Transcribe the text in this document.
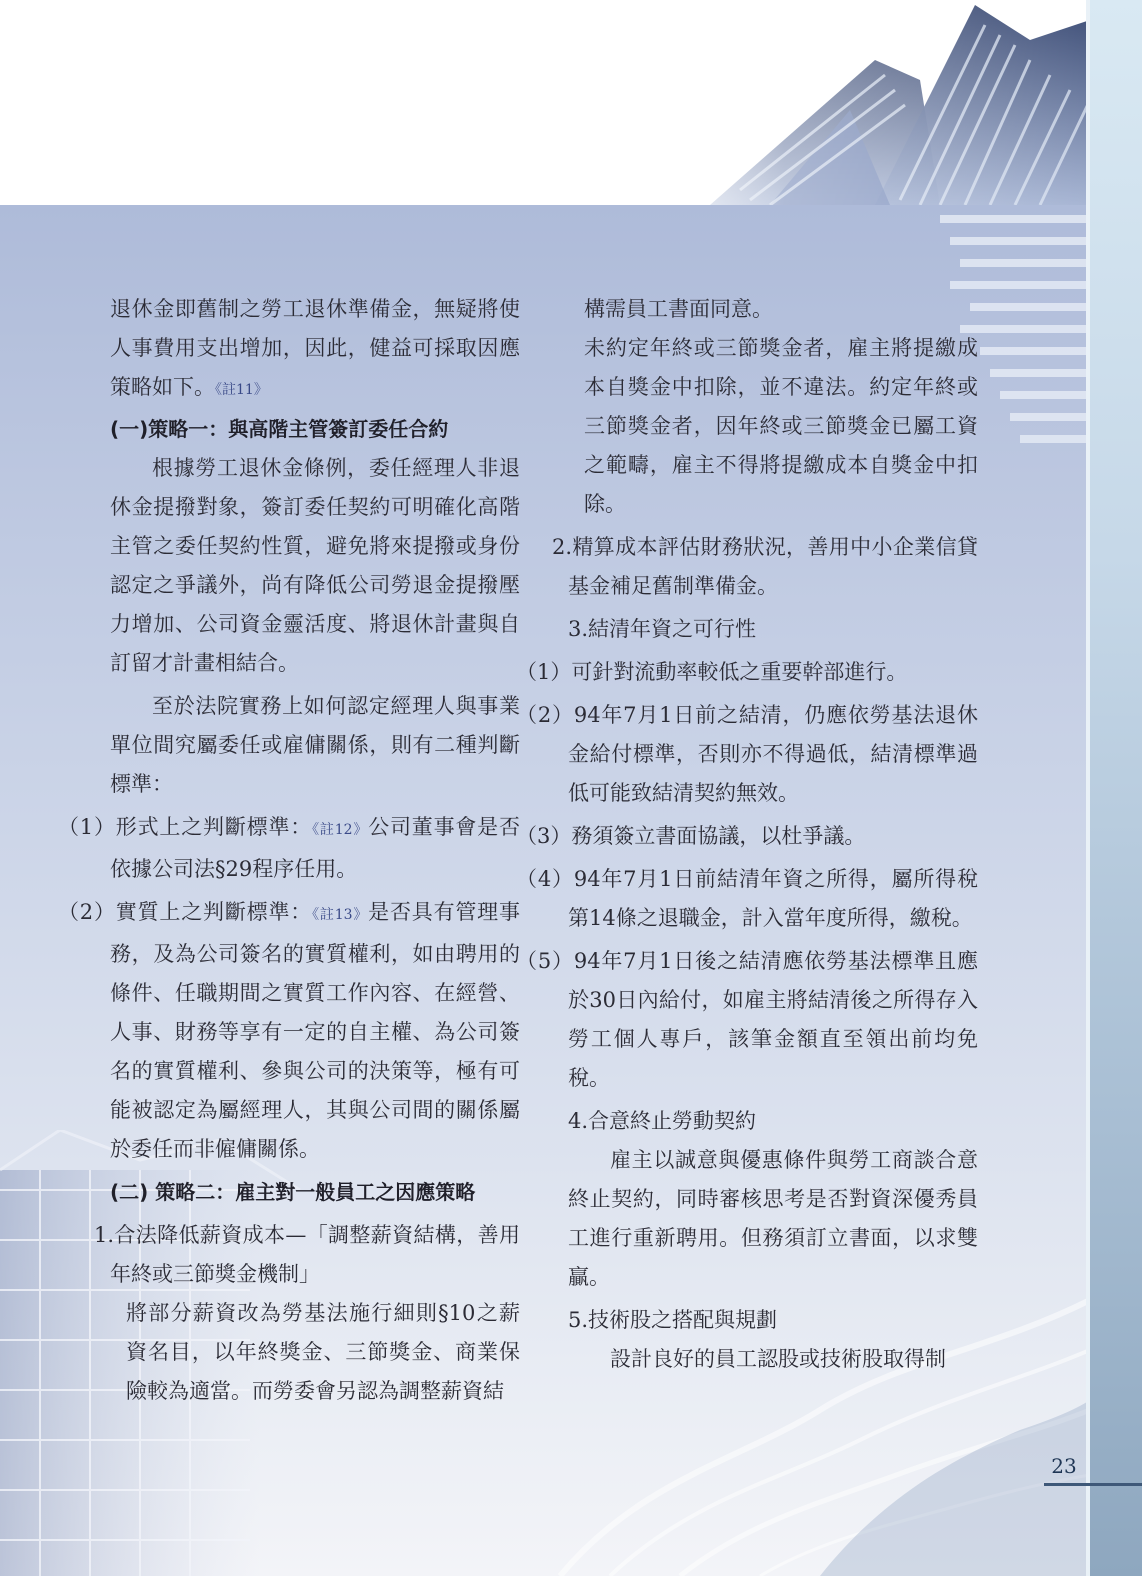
23

退休金即舊制之勞工退休準備金，無疑將使人事費用支出增加，因此，健益可採取因應策略如下。《註11》

(一)策略一：與高階主管簽訂委任合約

根據勞工退休金條例，委任經理人非退休金提撥對象，簽訂委任契約可明確化高階主管之委任契約性質，避免將來提撥或身份認定之爭議外，尚有降低公司勞退金提撥壓力增加、公司資金靈活度、將退休計畫與自訂留才計畫相結合。

至於法院實務上如何認定經理人與事業單位間究屬委任或雇傭關係，則有二種判斷標準：

（1）形式上之判斷標準：《註12》公司董事會是否依據公司法§29程序任用。

（2）實質上之判斷標準：《註13》是否具有管理事務，及為公司簽名的實質權利，如由聘用的條件、任職期間之實質工作內容、在經營、人事、財務等享有一定的自主權、為公司簽名的實質權利、參與公司的決策等，極有可能被認定為屬經理人，其與公司間的關係屬於委任而非僱傭關係。

(二) 策略二：雇主對一般員工之因應策略

1.合法降低薪資成本—「調整薪資結構，善用年終或三節獎金機制」

將部分薪資改為勞基法施行細則§10之薪資名目，以年終獎金、三節獎金、商業保險較為適當。而勞委會另認為調整薪資結

構需員工書面同意。

未約定年終或三節獎金者，雇主將提繳成本自獎金中扣除，並不違法。約定年終或三節獎金者，因年終或三節獎金已屬工資之範疇，雇主不得將提繳成本自獎金中扣除。

2.精算成本評估財務狀況，善用中小企業信貸基金補足舊制準備金。

3.結清年資之可行性

（1）可針對流動率較低之重要幹部進行。

（2）94年7月1日前之結清，仍應依勞基法退休金給付標準，否則亦不得過低，結清標準過低可能致結清契約無效。

（3）務須簽立書面協議，以杜爭議。

（4）94年7月1日前結清年資之所得，屬所得稅第14條之退職金，計入當年度所得，繳稅。

（5）94年7月1日後之結清應依勞基法標準且應於30日內給付，如雇主將結清後之所得存入勞工個人專戶，該筆金額直至領出前均免稅。

4.合意終止勞動契約

雇主以誠意與優惠條件與勞工商談合意終止契約，同時審核思考是否對資深優秀員工進行重新聘用。但務須訂立書面，以求雙贏。

5.技術股之搭配與規劃

設計良好的員工認股或技術股取得制
